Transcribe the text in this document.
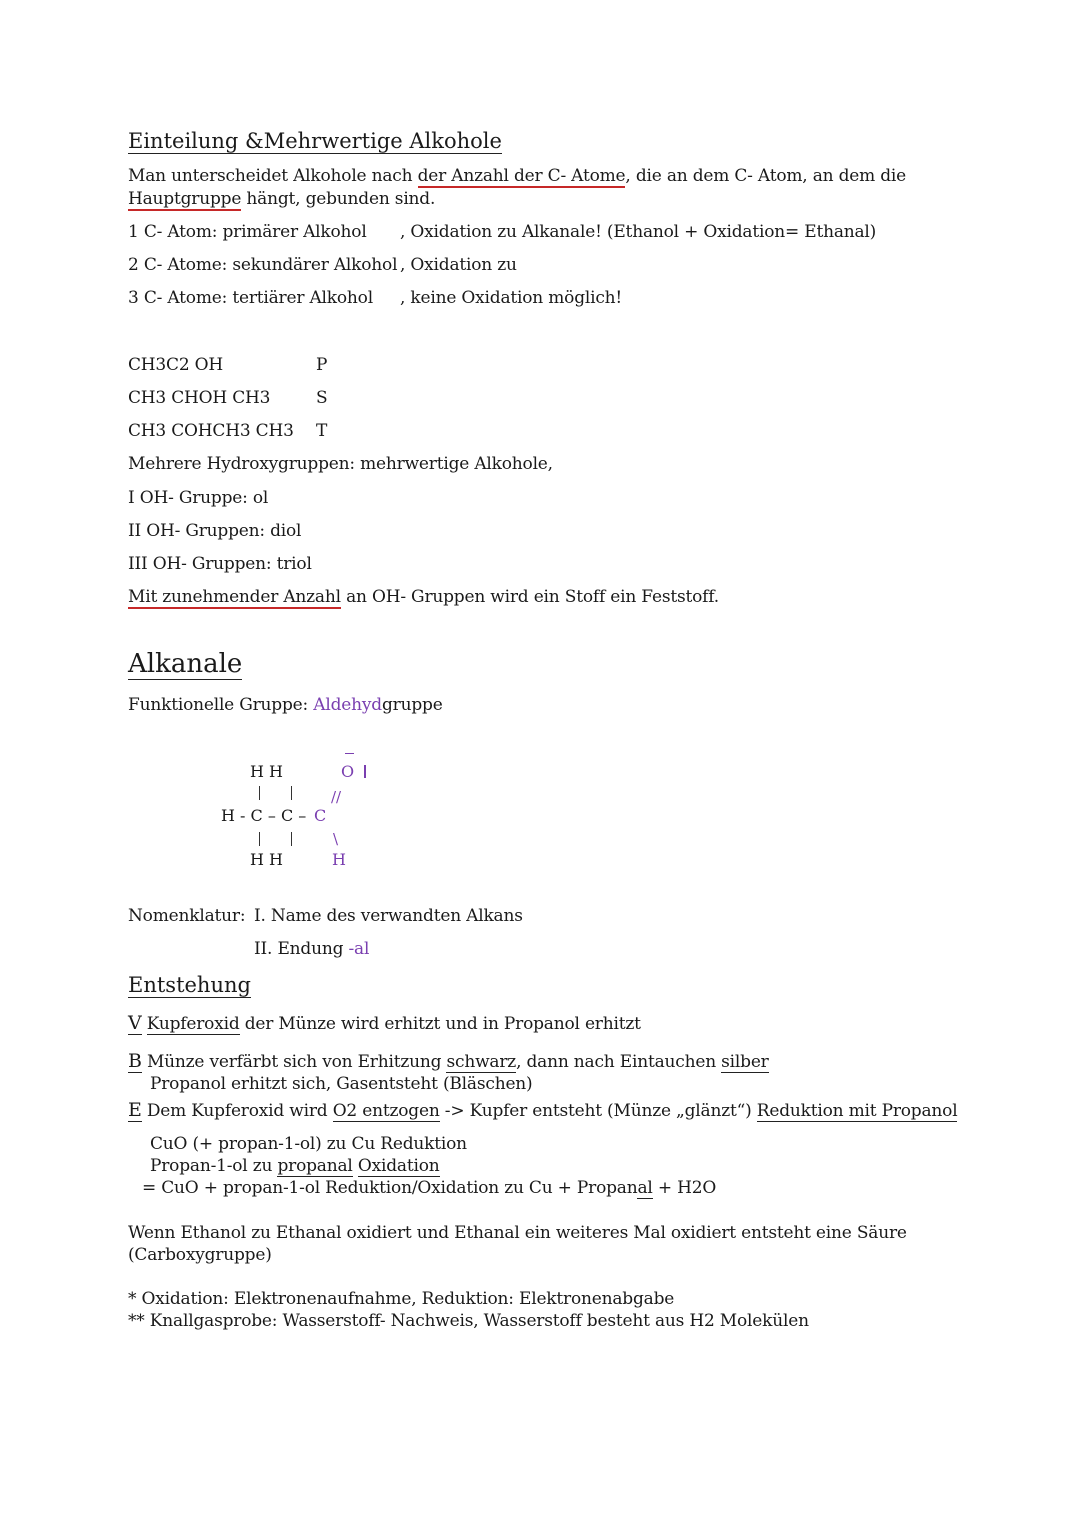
Einteilung &Mehrwertige Alkohole
Man unterscheidet Alkohole nach der Anzahl der C- Atome, die an dem C- Atom, an dem die
Hauptgruppe hängt, gebunden sind.
1 C- Atom: primärer Alkohol , Oxidation zu Alkanale! (Ethanol + Oxidation= Ethanal)
2 C- Atome: sekundärer Alkohol , Oxidation zu
3 C- Atome: tertiärer Alkohol , keine Oxidation möglich!
CH3C2 OH	P
CH3 CHOH CH3	S
CH3 COHCH3 CH3 T
Mehrere Hydroxygruppen: mehrwertige Alkohole,
I OH- Gruppe: ol
II OH- Gruppen: diol
III OH- Gruppen: triol
Mit zunehmender Anzahl an OH- Gruppen wird ein Stoff ein Feststoff.
Alkanale
Funktionelle Gruppe: Aldehydgruppe
H H	O
//
H - C – C – C
\
H H	H
Nomenklatur: I. Name des verwandten Alkans
II. Endung -al
Entstehung
V Kupferoxid der Münze wird erhitzt und in Propanol erhitzt
B Münze verfärbt sich von Erhitzung schwarz, dann nach Eintauchen silber
Propanol erhitzt sich, Gasentsteht (Bläschen)
E Dem Kupferoxid wird O2 entzogen -> Kupfer entsteht (Münze „glänzt“) Reduktion mit Propanol
CuO (+ propan-1-ol) zu Cu Reduktion
Propan-1-ol zu propanal Oxidation
= CuO + propan-1-ol Reduktion/Oxidation zu Cu + Propanal + H2O
Wenn Ethanol zu Ethanal oxidiert und Ethanal ein weiteres Mal oxidiert entsteht eine Säure
(Carboxygruppe)
* Oxidation: Elektronenaufnahme, Reduktion: Elektronenabgabe
** Knallgasprobe: Wasserstoff- Nachweis, Wasserstoff besteht aus H2 Molekülen
